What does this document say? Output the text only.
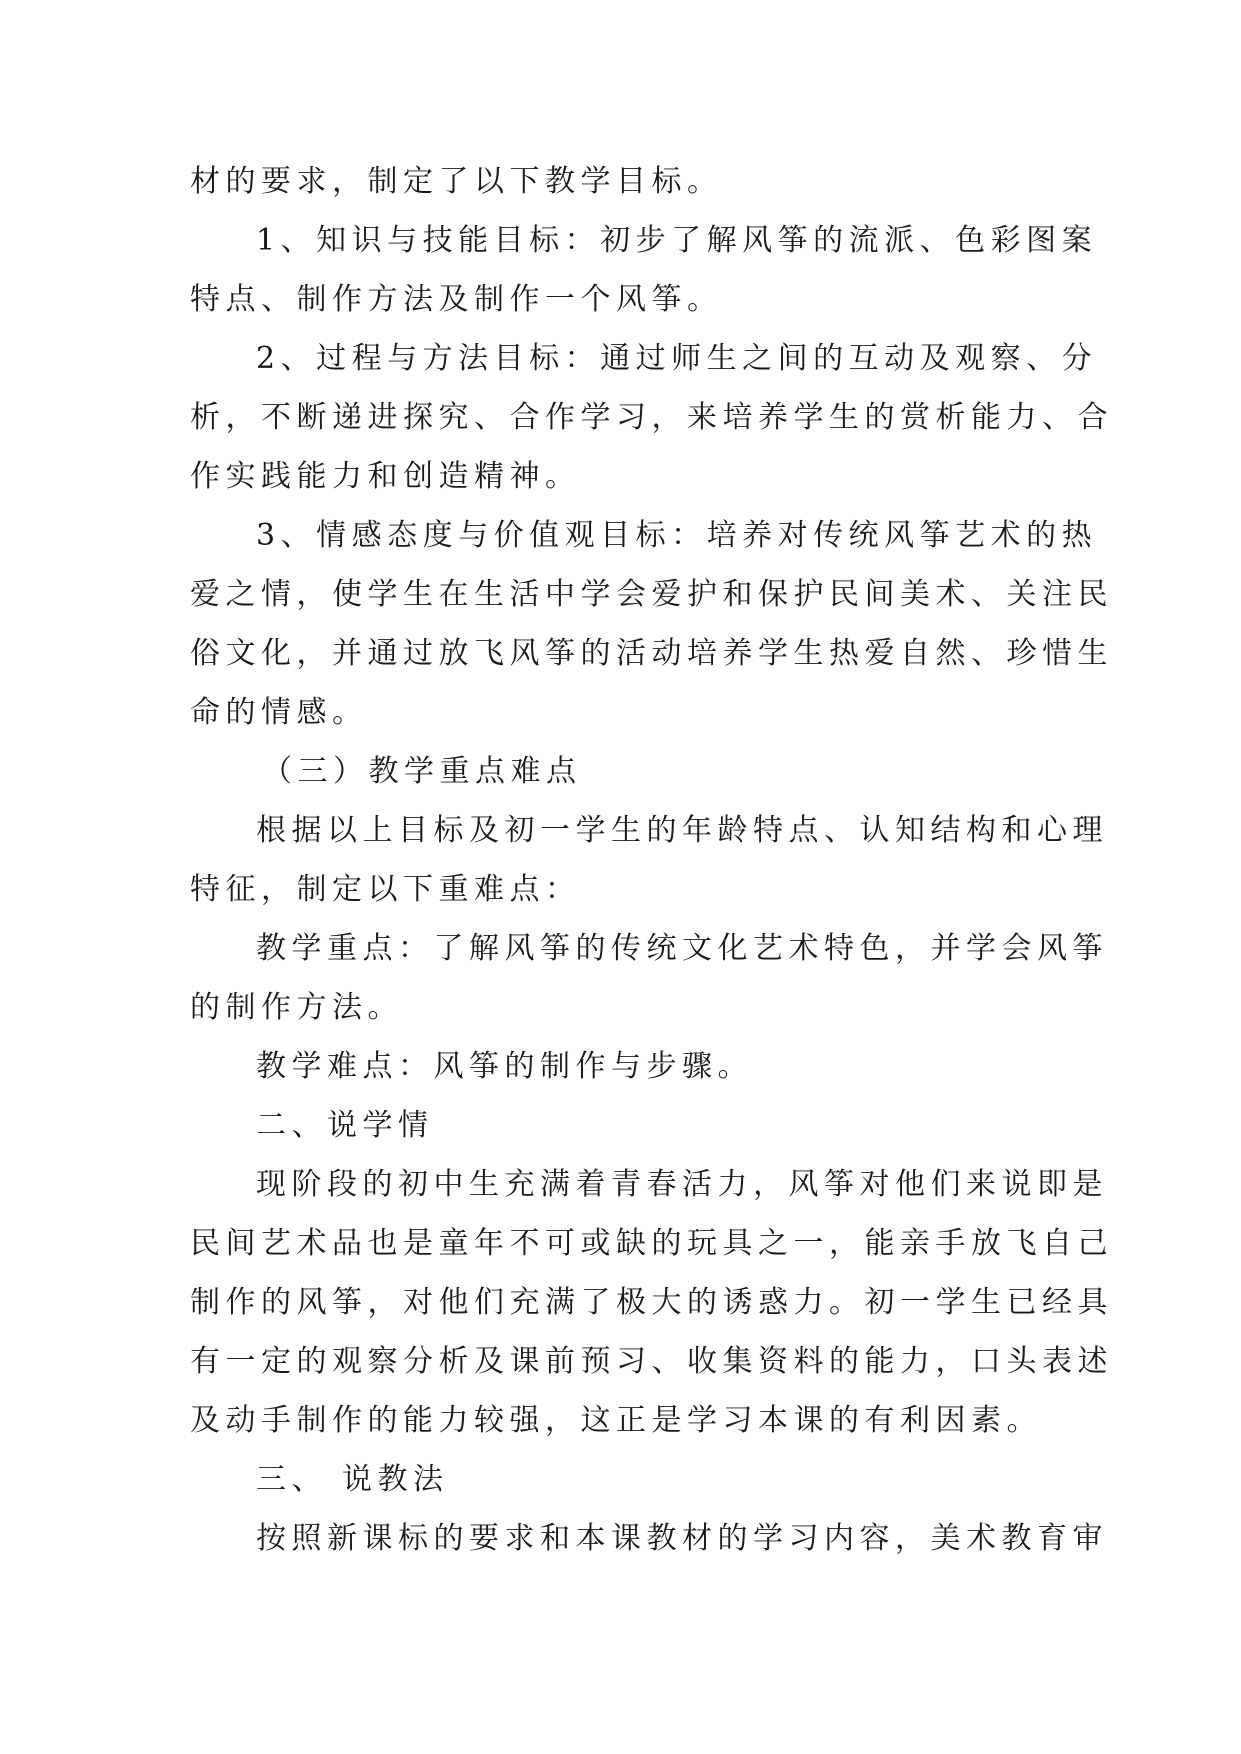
材的要求，制定了以下教学目标。
1、知识与技能目标：初步了解风筝的流派、色彩图案
特点、制作方法及制作一个风筝。
2、过程与方法目标：通过师生之间的互动及观察、分
析，不断递进探究、合作学习，来培养学生的赏析能力、合
作实践能力和创造精神。
3、情感态度与价值观目标：培养对传统风筝艺术的热
爱之情，使学生在生活中学会爱护和保护民间美术、关注民
俗文化，并通过放飞风筝的活动培养学生热爱自然、珍惜生
命的情感。
（三）教学重点难点
根据以上目标及初一学生的年龄特点、认知结构和心理
特征，制定以下重难点：
教学重点：了解风筝的传统文化艺术特色，并学会风筝
的制作方法。
教学难点：风筝的制作与步骤。
二、说学情
现阶段的初中生充满着青春活力，风筝对他们来说即是
民间艺术品也是童年不可或缺的玩具之一，能亲手放飞自己
制作的风筝，对他们充满了极大的诱惑力。初一学生已经具
有一定的观察分析及课前预习、收集资料的能力，口头表述
及动手制作的能力较强，这正是学习本课的有利因素。
三、 说教法
按照新课标的要求和本课教材的学习内容，美术教育审
